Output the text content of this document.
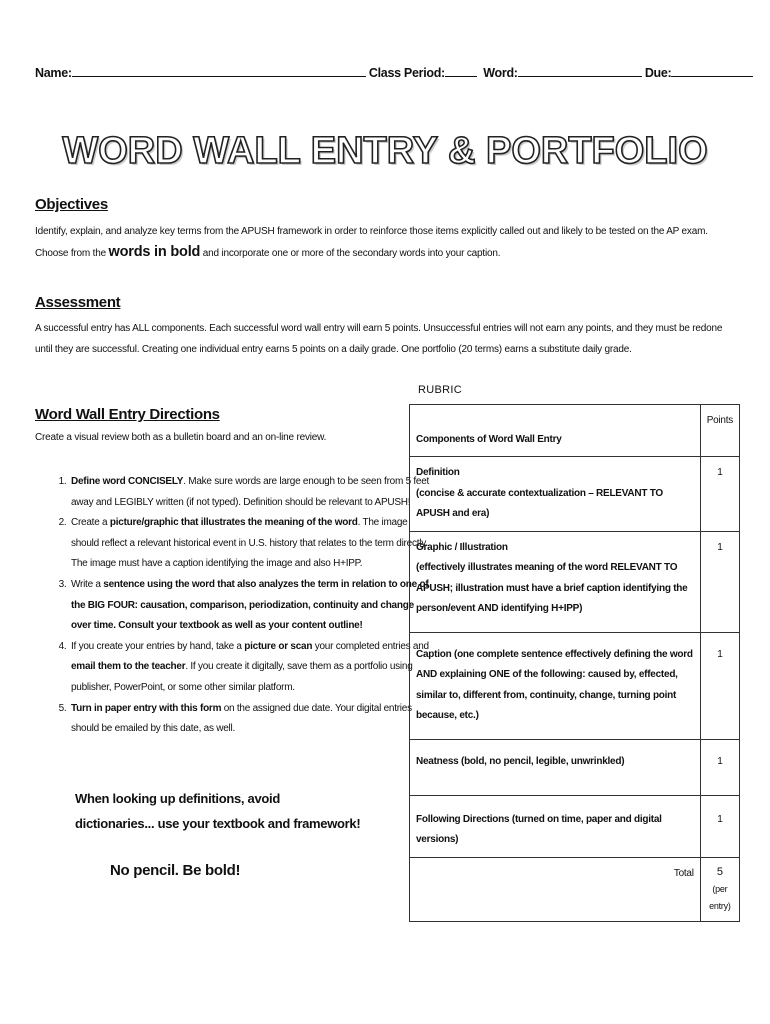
Name:	Class Period:	Word:	Due:
WORD WALL ENTRY & PORTFOLIO
Objectives
Identify, explain, and analyze key terms from the APUSH framework in order to reinforce those items explicitly called out and likely to be tested on the AP exam. Choose from the words in bold and incorporate one or more of the secondary words into your caption.
Assessment
A successful entry has ALL components. Each successful word wall entry will earn 5 points. Unsuccessful entries will not earn any points, and they must be redone until they are successful. Creating one individual entry earns 5 points on a daily grade. One portfolio (20 terms) earns a substitute daily grade.
RUBRIC
Word Wall Entry Directions
Create a visual review both as a bulletin board and an on-line review.
1. Define word CONCISELY. Make sure words are large enough to be seen from 5 feet away and LEGIBLY written (if not typed). Definition should be relevant to APUSH!
2. Create a picture/graphic that illustrates the meaning of the word. The image should reflect a relevant historical event in U.S. history that relates to the term directly. The image must have a caption identifying the image and also H+IPP.
3. Write a sentence using the word that also analyzes the term in relation to one of the BIG FOUR: causation, comparison, periodization, continuity and change over time. Consult your textbook as well as your content outline!
4. If you create your entries by hand, take a picture or scan your completed entries and email them to the teacher. If you create it digitally, save them as a portfolio using publisher, PowerPoint, or some other similar platform.
5. Turn in paper entry with this form on the assigned due date. Your digital entries should be emailed by this date, as well.
When looking up definitions, avoid
dictionaries... use your textbook and framework!
No pencil. Be bold!
Components of Word Wall Entry	Points
Definition
(concise & accurate contextualization – RELEVANT TO APUSH and era)	1
Graphic / Illustration
(effectively illustrates meaning of the word RELEVANT TO APUSH; illustration must have a brief caption identifying the person/event AND identifying H+IPP)	1
Caption (one complete sentence effectively defining the word AND explaining ONE of the following: caused by, effected, similar to, different from, continuity, change, turning point because, etc.)	1
Neatness (bold, no pencil, legible, unwrinkled)	1
Following Directions (turned on time, paper and digital versions)	1
Total	5
(per entry)
